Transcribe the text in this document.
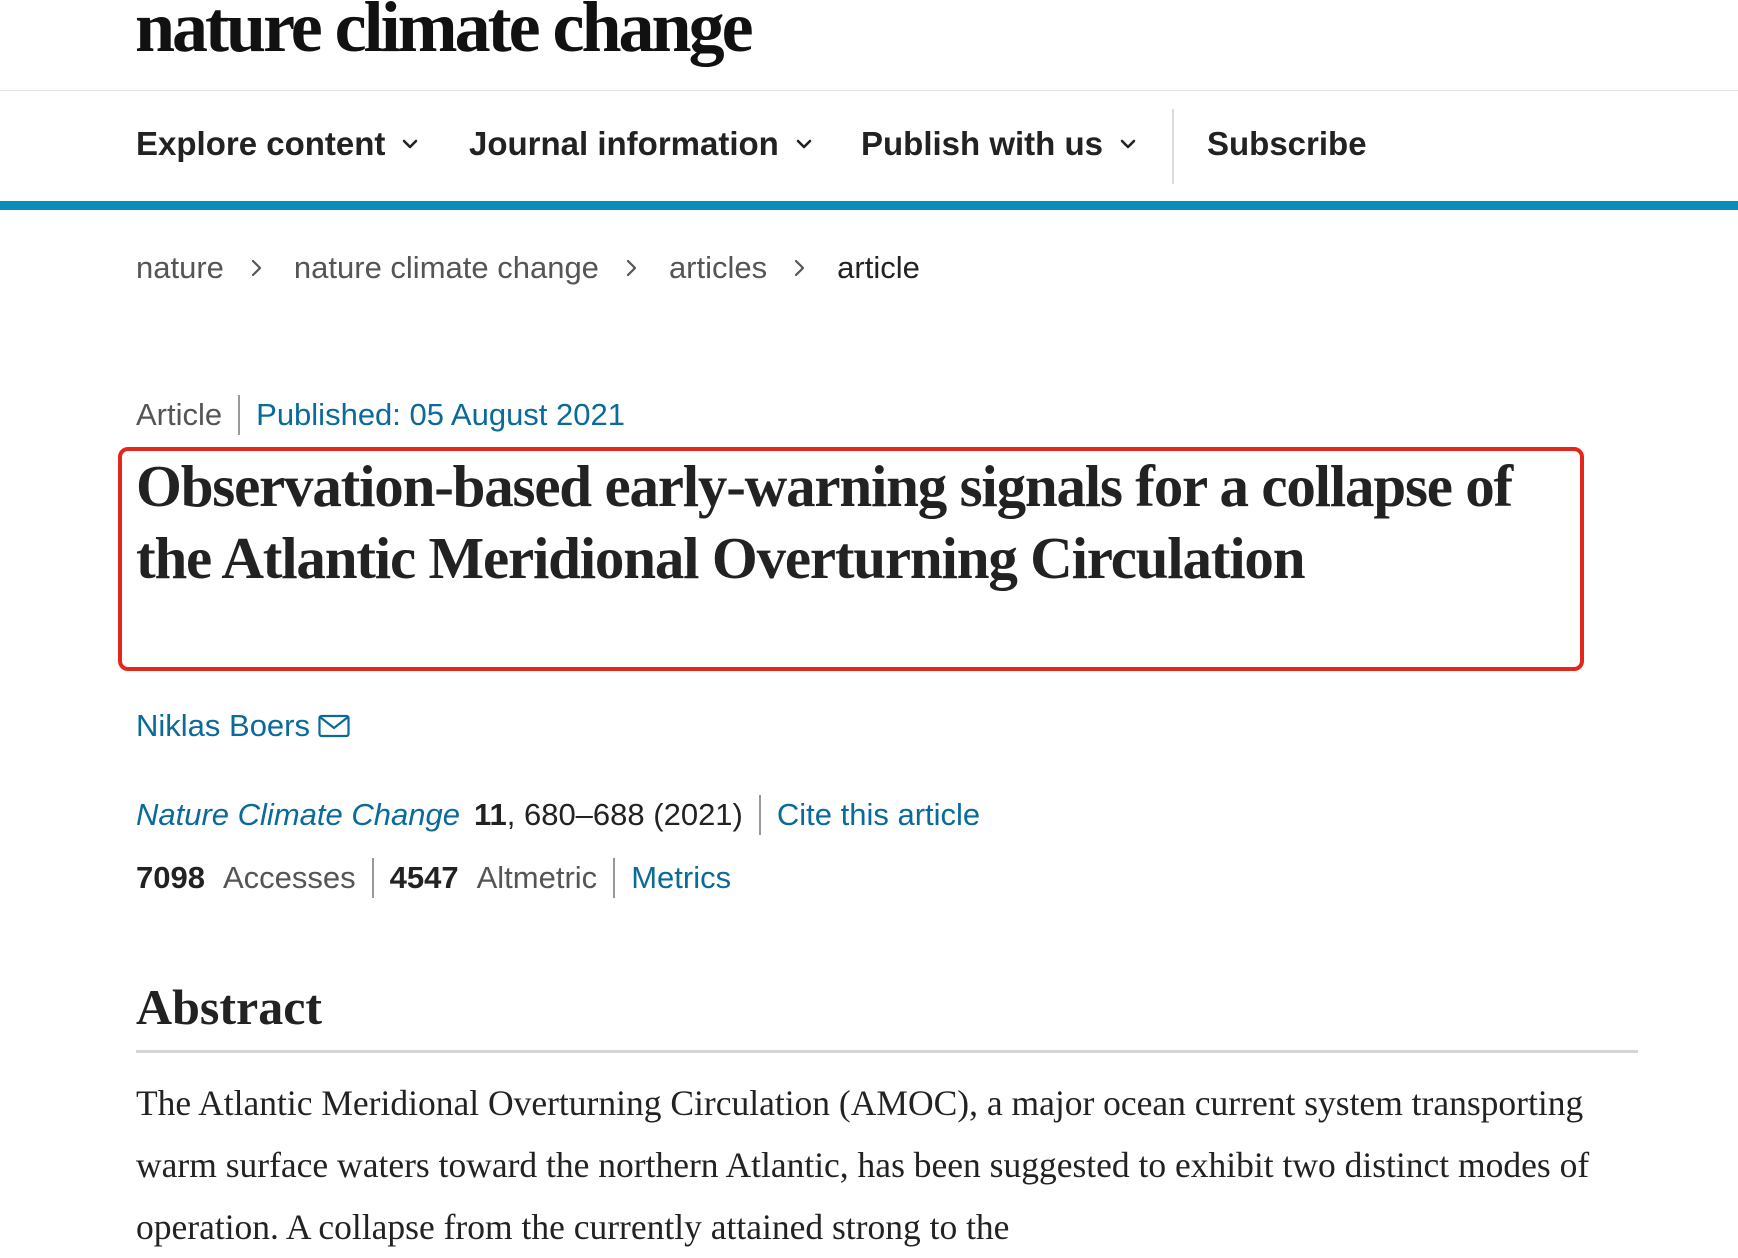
nature climate change
Explore content	Journal information Publish with us	Subscribe
nature nature climate change articles article
Article Published: 05 August 2021
Observation-based early-warning signals for a collapse of the Atlantic Meridional Overturning Circulation
Niklas Boers
Nature Climate Change 11 , 680–688 (2021) Cite this article
7098 Accesses 4547 Altmetric Metrics
Abstract

The Atlantic Meridional Overturning Circulation (AMOC), a major ocean current system transporting warm surface waters toward the northern Atlantic, has been suggested to exhibit two distinct modes of operation. A collapse from the currently attained strong to the
